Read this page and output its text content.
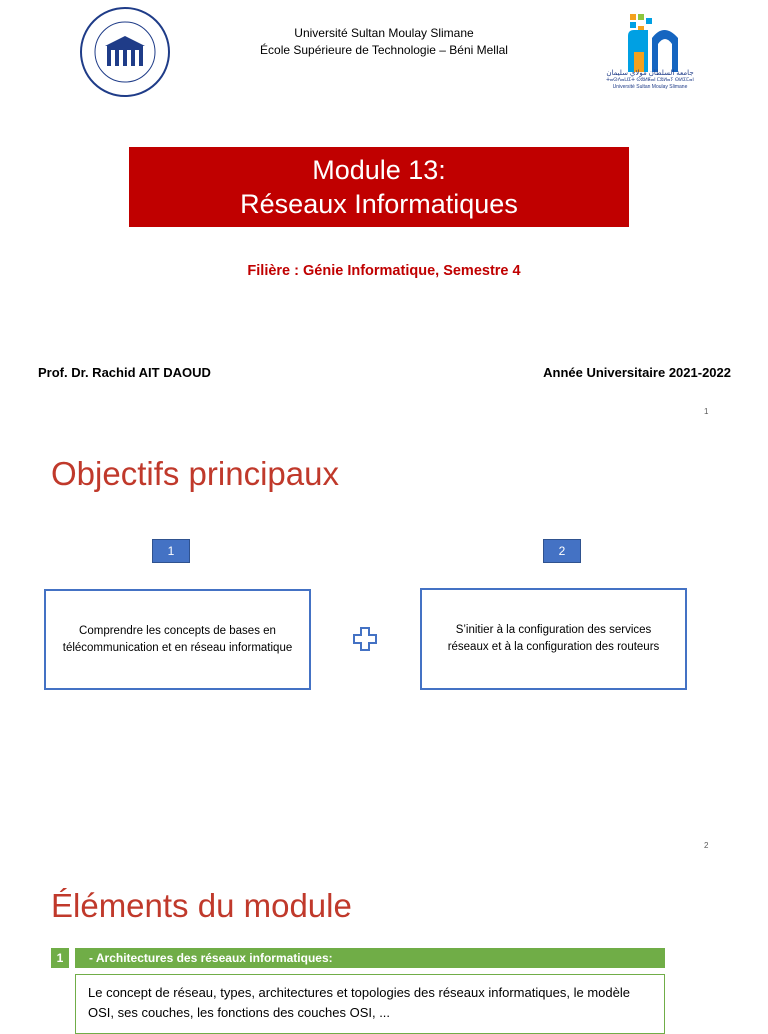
Université Sultan Moulay Slimane
École Supérieure de Technologie – Béni Mellal
جامعة السلطان مولاي سليمان
ⵜⴰⵙⴷⴰⵡⵉⵜ ⵙⵓⵍⵟⴰⵏ ⵎⵓⵍⴰⵢ ⵙⵍⵉⵎⴰⵏ
Université Sultan Moulay Slimane
Module 13:
Réseaux Informatiques
Filière : Génie Informatique, Semestre 4
Prof. Dr. Rachid AIT DAOUD	Année Universitaire 2021-2022
1
Objectifs principaux
1	2
Comprendre les concepts de bases en télécommunication et en réseau informatique
S’initier à la configuration des services réseaux et à la configuration des routeurs
2
Éléments du module
1	- Architectures des réseaux informatiques:
Le concept de réseau, types, architectures et topologies des réseaux informatiques, le modèle OSI, ses couches, les fonctions des couches OSI, ...
